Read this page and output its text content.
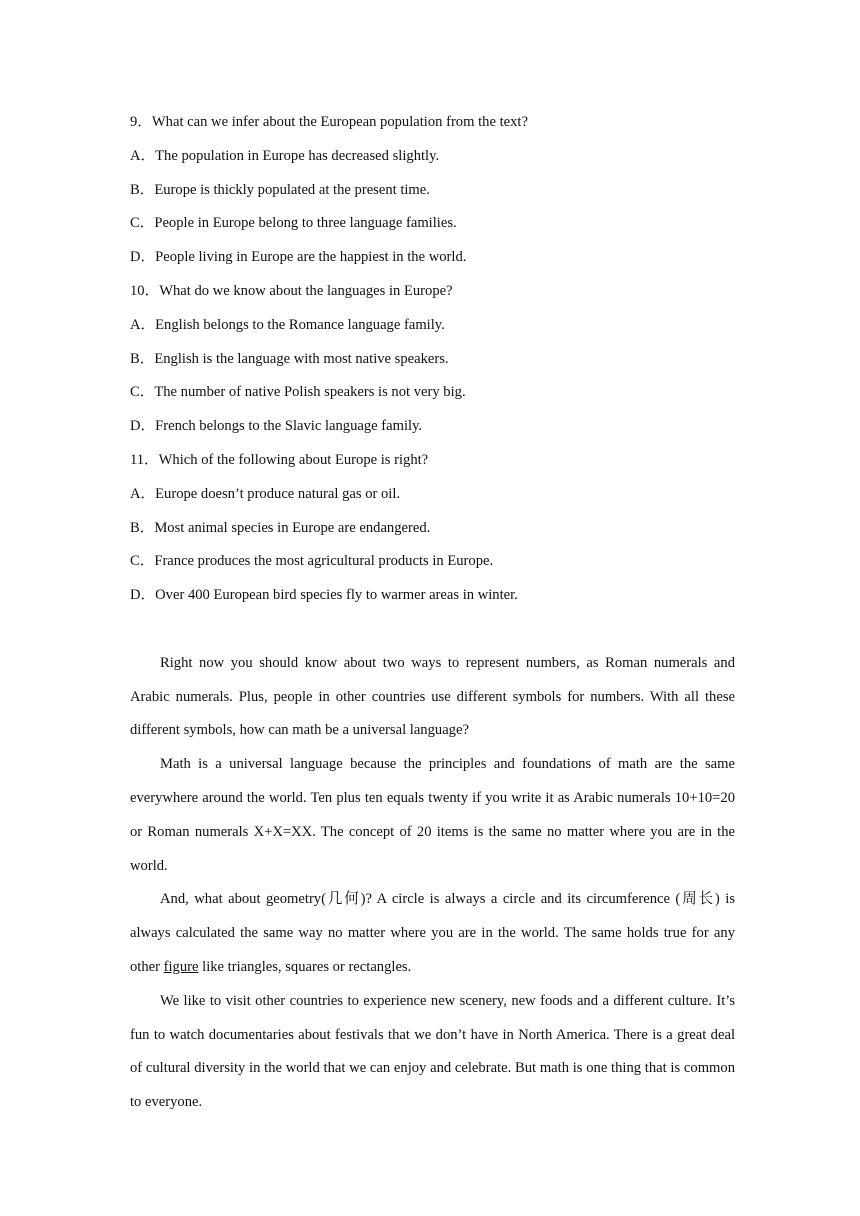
9．What can we infer about the European population from the text?
A．The population in Europe has decreased slightly.
B．Europe is thickly populated at the present time.
C．People in Europe belong to three language families.
D．People living in Europe are the happiest in the world.
10．What do we know about the languages in Europe?
A．English belongs to the Romance language family.
B．English is the language with most native speakers.
C．The number of native Polish speakers is not very big.
D．French belongs to the Slavic language family.
11．Which of the following about Europe is right?
A．Europe doesn’t produce natural gas or oil.
B．Most animal species in Europe are endangered.
C．France produces the most agricultural products in Europe.
D．Over 400 European bird species fly to warmer areas in winter.

Right now you should know about two ways to represent numbers, as Roman numerals and Arabic numerals. Plus, people in other countries use different symbols for numbers. With all these different symbols, how can math be a universal language?

Math is a universal language because the principles and foundations of math are the same everywhere around the world. Ten plus ten equals twenty if you write it as Arabic numerals 10+10=20 or Roman numerals X+X=XX. The concept of 20 items is the same no matter where you are in the world.

And, what about geometry(几何)? A circle is always a circle and its circumference (周长) is always calculated the same way no matter where you are in the world. The same holds true for any other figure like triangles, squares or rectangles.

We like to visit other countries to experience new scenery, new foods and a different culture. It’s fun to watch documentaries about festivals that we don’t have in North America. There is a great deal of cultural diversity in the world that we can enjoy and celebrate. But math is one thing that is common to everyone.
